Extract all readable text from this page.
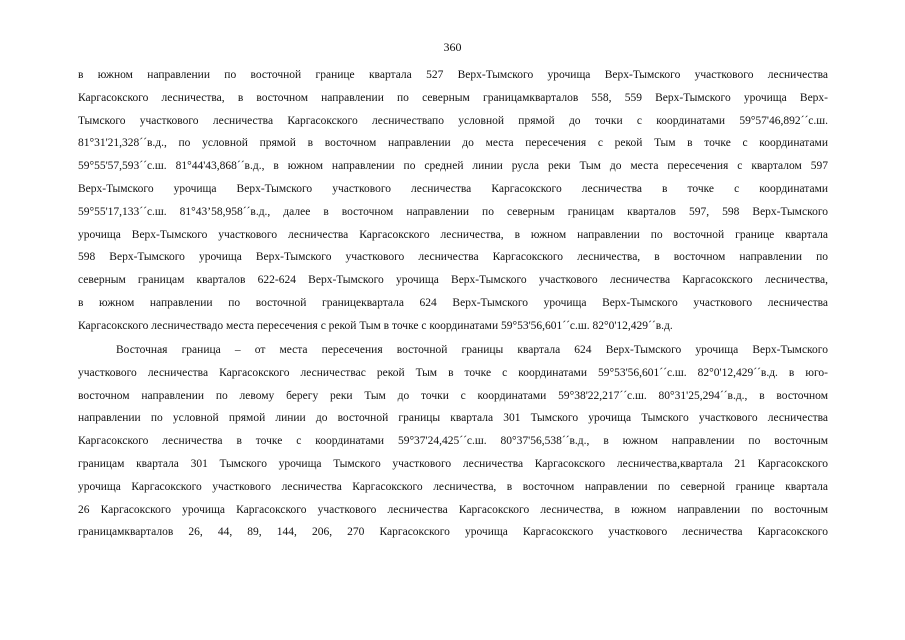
360
в южном направлении по восточной границе квартала 527 Верх-Тымского урочища Верх-Тымского участкового лесничества
Каргасокского лесничества, в восточном направлении по северным границамкварталов 558, 559 Верх-Тымского урочища Верх-
Тымского участкового лесничества Каргасокского лесничествапо условной прямой до точки с координатами 59°57'46,892´´с.ш.
81°31'21,328´´в.д., по условной прямой в восточном направлении до места пересечения с рекой Тым в точке с координатами
59°55'57,593´´с.ш. 81°44'43,868´´в.д., в южном направлении по средней линии русла реки Тым до места пересечения с кварталом 597
Верх-Тымского урочища Верх-Тымского участкового лесничества Каргасокского лесничества в точке с координатами
59°55'17,133´´с.ш. 81°43’58,958´´в.д., далее в восточном направлении по северным границам кварталов 597, 598 Верх-Тымского
урочища Верх-Тымского участкового лесничества Каргасокского лесничества, в южном направлении по восточной границе квартала
598 Верх-Тымского урочища Верх-Тымского участкового лесничества Каргасокского лесничества, в восточном направлении по
северным границам кварталов 622-624 Верх-Тымского урочища Верх-Тымского участкового лесничества Каргасокского лесничества,
в южном направлении по восточной границеквартала 624 Верх-Тымского урочища Верх-Тымского участкового лесничества
Каргасокского лесничествадо места пересечения с рекой Тым в точке с координатами 59°53'56,601´´с.ш. 82°0'12,429´´в.д.
Восточная граница – от места пересечения восточной границы квартала 624 Верх-Тымского урочища Верх-Тымского
участкового лесничества Каргасокского лесничествас рекой Тым в точке с координатами 59°53'56,601´´с.ш. 82°0'12,429´´в.д. в юго-
восточном направлении по левому берегу реки Тым до точки с координатами 59°38'22,217´´с.ш. 80°31'25,294´´в.д., в восточном
направлении по условной прямой линии до восточной границы квартала 301 Тымского урочища Тымского участкового лесничества
Каргасокского лесничества в точке с координатами 59°37'24,425´´с.ш. 80°37'56,538´´в.д., в южном направлении по восточным
границам квартала 301 Тымского урочища Тымского участкового лесничества Каргасокского лесничества,квартала 21 Каргасокского
урочища Каргасокского участкового лесничества Каргасокского лесничества, в восточном направлении по северной границе квартала
26 Каргасокского урочища Каргасокского участкового лесничества Каргасокского лесничества, в южном направлении по восточным
границамкварталов 26, 44, 89, 144, 206, 270 Каргасокского урочища Каргасокского участкового лесничества Каргасокского
